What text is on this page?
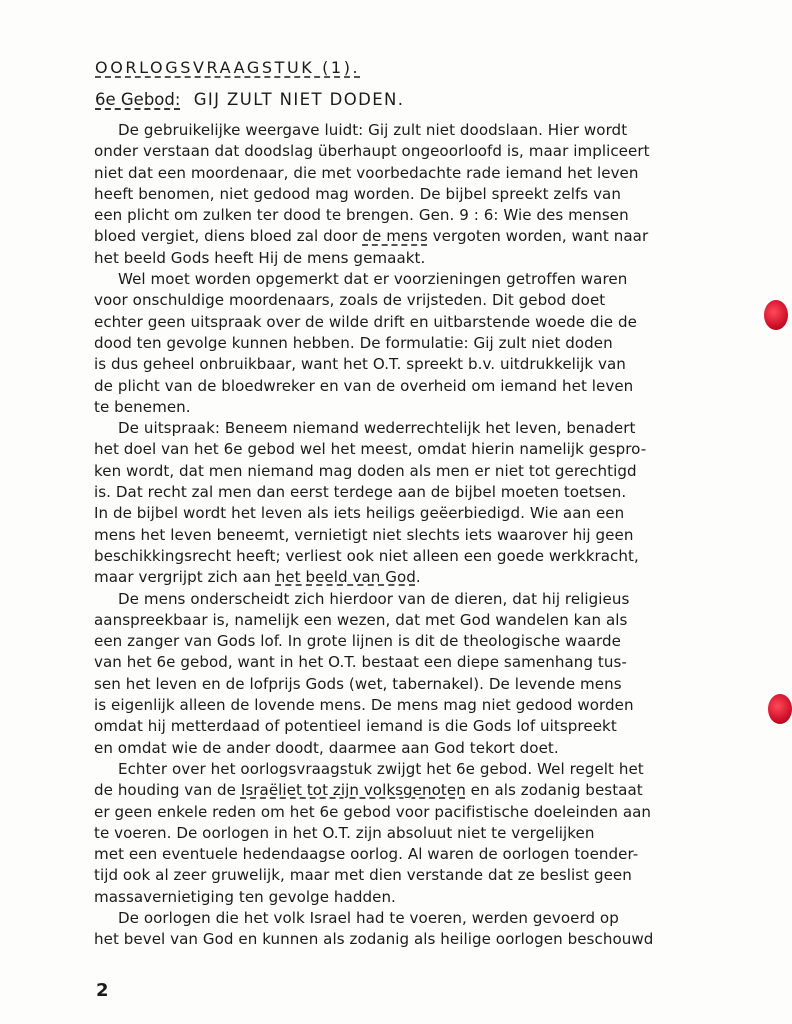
OORLOGSVRAAGSTUK (1).
6e Gebod: GIJ ZULT NIET DODEN.
De gebruikelijke weergave luidt: Gij zult niet doodslaan. Hier wordt
onder verstaan dat doodslag überhaupt ongeoorloofd is, maar impliceert
niet dat een moordenaar, die met voorbedachte rade iemand het leven
heeft benomen, niet gedood mag worden. De bijbel spreekt zelfs van
een plicht om zulken ter dood te brengen. Gen. 9 : 6: Wie des mensen
bloed vergiet, diens bloed zal door de mens vergoten worden, want naar
het beeld Gods heeft Hij de mens gemaakt.
Wel moet worden opgemerkt dat er voorzieningen getroffen waren
voor onschuldige moordenaars, zoals de vrijsteden. Dit gebod doet
echter geen uitspraak over de wilde drift en uitbarstende woede die de
dood ten gevolge kunnen hebben. De formulatie: Gij zult niet doden
is dus geheel onbruikbaar, want het O.T. spreekt b.v. uitdrukkelijk van
de plicht van de bloedwreker en van de overheid om iemand het leven
te benemen.
De uitspraak: Beneem niemand wederrechtelijk het leven, benadert
het doel van het 6e gebod wel het meest, omdat hierin namelijk gespro-
ken wordt, dat men niemand mag doden als men er niet tot gerechtigd
is. Dat recht zal men dan eerst terdege aan de bijbel moeten toetsen.
In de bijbel wordt het leven als iets heiligs geëerbiedigd. Wie aan een
mens het leven beneemt, vernietigt niet slechts iets waarover hij geen
beschikkingsrecht heeft; verliest ook niet alleen een goede werkkracht,
maar vergrijpt zich aan het beeld van God.
De mens onderscheidt zich hierdoor van de dieren, dat hij religieus
aanspreekbaar is, namelijk een wezen, dat met God wandelen kan als
een zanger van Gods lof. In grote lijnen is dit de theologische waarde
van het 6e gebod, want in het O.T. bestaat een diepe samenhang tus-
sen het leven en de lofprijs Gods (wet, tabernakel). De levende mens
is eigenlijk alleen de lovende mens. De mens mag niet gedood worden
omdat hij metterdaad of potentieel iemand is die Gods lof uitspreekt
en omdat wie de ander doodt, daarmee aan God tekort doet.
Echter over het oorlogsvraagstuk zwijgt het 6e gebod. Wel regelt het
de houding van de Israëliet tot zijn volksgenoten en als zodanig bestaat
er geen enkele reden om het 6e gebod voor pacifistische doeleinden aan
te voeren. De oorlogen in het O.T. zijn absoluut niet te vergelijken
met een eventuele hedendaagse oorlog. Al waren de oorlogen toender-
tijd ook al zeer gruwelijk, maar met dien verstande dat ze beslist geen
massavernietiging ten gevolge hadden.
De oorlogen die het volk Israel had te voeren, werden gevoerd op
het bevel van God en kunnen als zodanig als heilige oorlogen beschouwd
2
